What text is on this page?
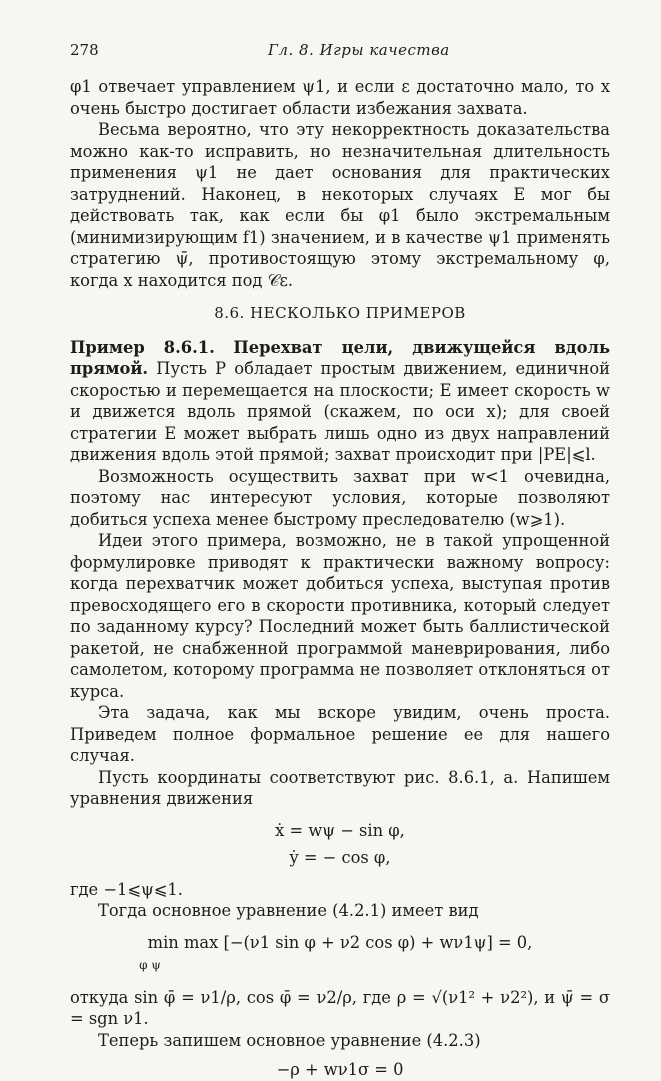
278	Гл. 8. Игры качества

φ1 отвечает управлением ψ1, и если ε достаточно мало, то x очень быстро достигает области избежания захвата.

Весьма вероятно, что эту некорректность доказательства можно как-то исправить, но незначительная длительность применения ψ1 не дает основания для практических затруднений. Наконец, в некоторых случаях E мог бы действовать так, как если бы φ1 было экстремальным (минимизирующим f1) значением, и в качестве ψ1 применять стратегию ψ̄, противостоящую этому экстремальному φ, когда x находится под 𝒞ε.

8.6. НЕСКОЛЬКО ПРИМЕРОВ

Пример 8.6.1. Перехват цели, движущейся вдоль прямой. Пусть P обладает простым движением, единичной скоростью и перемещается на плоскости; E имеет скорость w и движется вдоль прямой (скажем, по оси x); для своей стратегии E может выбрать лишь одно из двух направлений движения вдоль этой прямой; захват происходит при |PE|⩽l.

Возможность осуществить захват при w<1 очевидна, поэтому нас интересуют условия, которые позволяют добиться успеха менее быстрому преследователю (w⩾1).

Идеи этого примера, возможно, не в такой упрощенной формулировке приводят к практически важному вопросу: когда перехватчик может добиться успеха, выступая против превосходящего его в скорости противника, который следует по заданному курсу? Последний может быть баллистической ракетой, не снабженной программой маневрирования, либо самолетом, которому программа не позволяет отклоняться от курса.

Эта задача, как мы вскоре увидим, очень проста. Приведем полное формальное решение ее для нашего случая.

Пусть координаты соответствуют рис. 8.6.1, a. Напишем уравнения движения

ẋ = wψ − sin φ,

ẏ = − cos φ,

где −1⩽ψ⩽1.

Тогда основное уравнение (4.2.1) имеет вид

min max [−(ν1 sin φ + ν2 cos φ) + wν1ψ] = 0,
φ ψ

откуда sin φ̄ = ν1/ρ, cos φ̄ = ν2/ρ, где ρ = √(ν1² + ν2²), и ψ̄ = σ = sgn ν1.

Теперь запишем основное уравнение (4.2.3)

−ρ + wν1σ = 0
